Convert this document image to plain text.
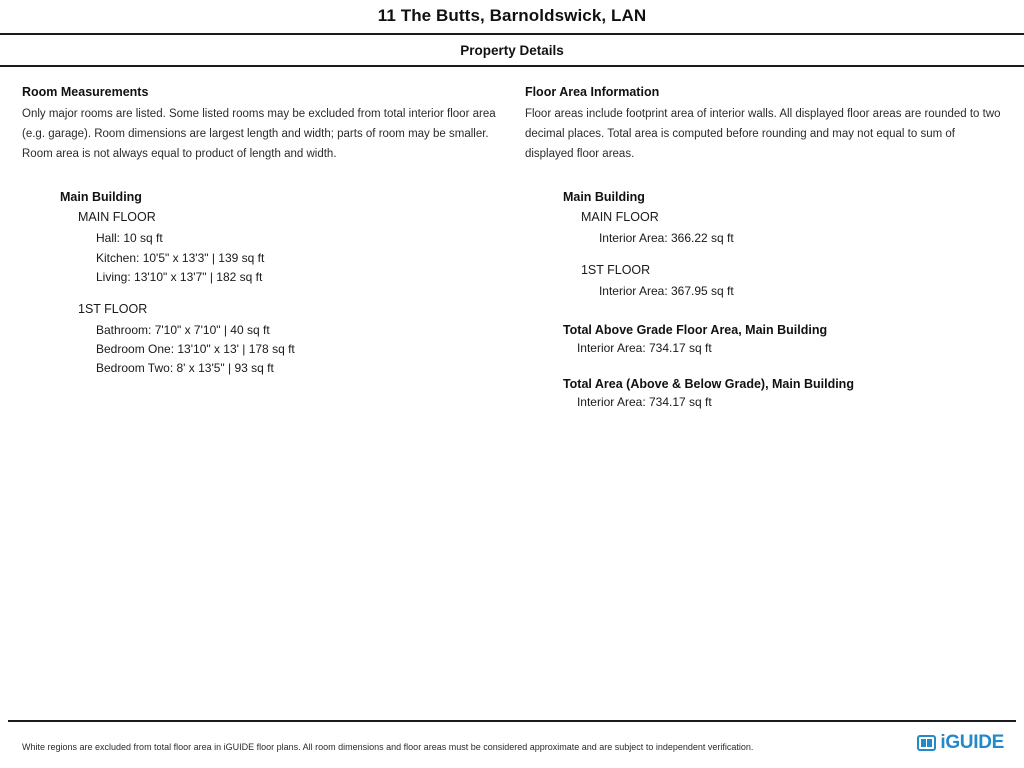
11 The Butts, Barnoldswick, LAN
Property Details
Room Measurements
Only major rooms are listed. Some listed rooms may be excluded from total interior floor area (e.g. garage). Room dimensions are largest length and width; parts of room may be smaller. Room area is not always equal to product of length and width.
Main Building
MAIN FLOOR
Hall: 10 sq ft
Kitchen: 10'5" x 13'3" | 139 sq ft
Living: 13'10" x 13'7" | 182 sq ft
1ST FLOOR
Bathroom: 7'10" x 7'10" | 40 sq ft
Bedroom One: 13'10" x 13' | 178 sq ft
Bedroom Two: 8' x 13'5" | 93 sq ft
Floor Area Information
Floor areas include footprint area of interior walls. All displayed floor areas are rounded to two decimal places. Total area is computed before rounding and may not equal to sum of displayed floor areas.
Main Building
MAIN FLOOR
Interior Area: 366.22 sq ft
1ST FLOOR
Interior Area: 367.95 sq ft
Total Above Grade Floor Area, Main Building
Interior Area: 734.17 sq ft
Total Area (Above & Below Grade), Main Building
Interior Area: 734.17 sq ft
White regions are excluded from total floor area in iGUIDE floor plans. All room dimensions and floor areas must be considered approximate and are subject to independent verification.	iGUIDE
